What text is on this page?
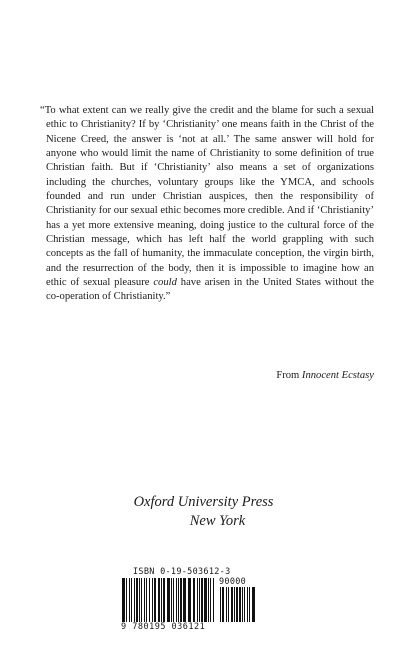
“To what extent can we really give the credit and the blame for such a sexual ethic to Christianity? If by ‘Christianity’ one means faith in the Christ of the Nicene Creed, the answer is ‘not at all.’ The same answer will hold for anyone who would limit the name of Christianity to some definition of true Christian faith. But if ‘Christianity’ also means a set of organizations including the churches, voluntary groups like the YMCA, and schools founded and run under Christian auspices, then the responsibility of Christianity for our sexual ethic becomes more credible. And if ‘Christianity’ has a yet more extensive meaning, doing justice to the cultural force of the Christian message, which has left half the world grappling with such concepts as the fall of humanity, the immaculate conception, the virgin birth, and the resurrection of the body, then it is impossible to imagine how an ethic of sexual pleasure could have arisen in the United States without the co-operation of Christianity.”

From Innocent Ecstasy
Oxford University Press
New York
ISBN 0-19-503612-3
90000
9 780195 036121
